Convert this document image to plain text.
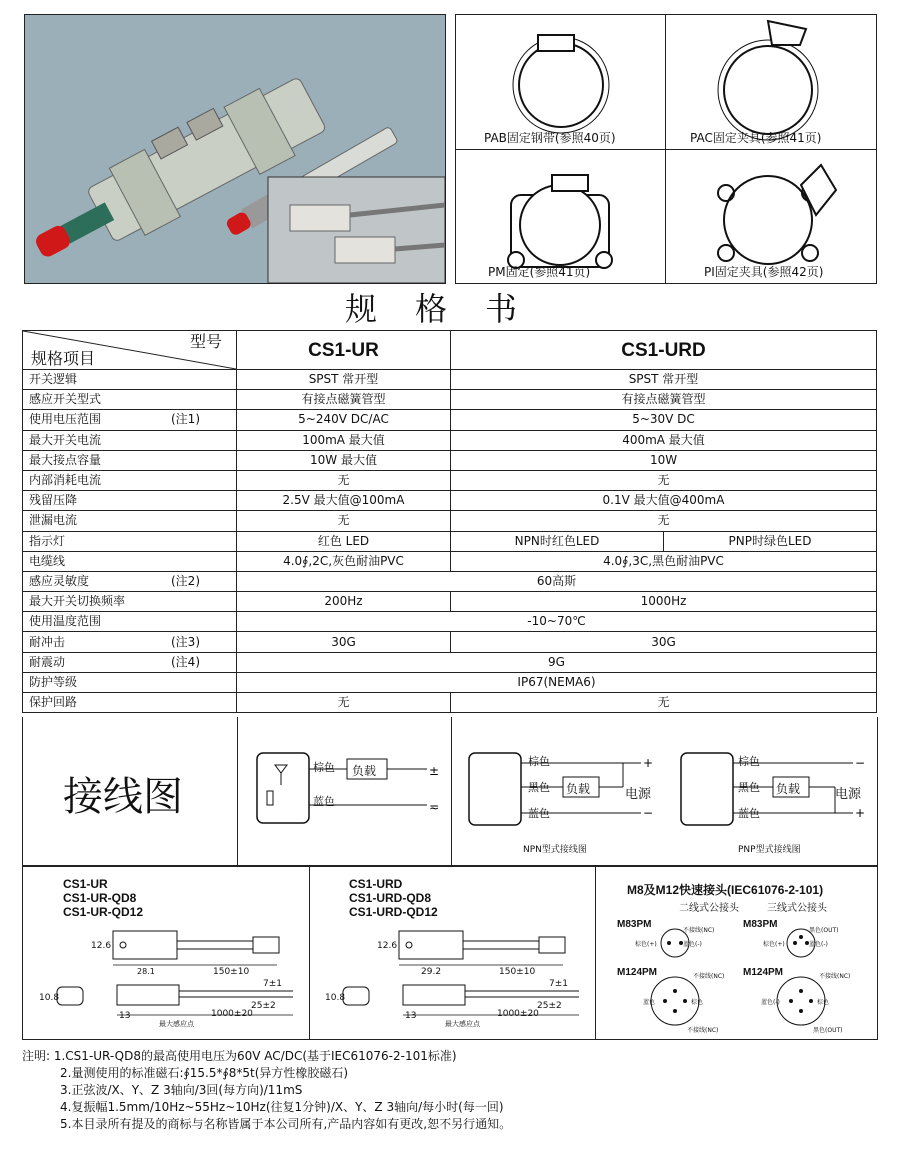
PAB固定钢带(参照40页)	PAC固定夹具(参照41页)
PM固定(参照41页)	PI固定夹具(参照42页)
规格书
型号
规格项目	CS1-UR	CS1-URD	
开关逻辑	SPST 常开型	SPST 常开型	
感应开关型式	有接点磁簧管型	有接点磁簧管型	
使用电压范围 (注1)	5~240V DC/AC	5~30V DC	
最大开关电流	100mA 最大值	400mA 最大值	
最大接点容量	10W 最大值	10W	
内部消耗电流	无	无	
残留压降	2.5V 最大值@100mA	0.1V 最大值@400mA	
泄漏电流	无	无	
指示灯	红色 LED	NPN时红色LED	PNP时绿色LED
电缆线	4.0∮,2C,灰色耐油PVC	4.0∮,3C,黑色耐油PVC	
感应灵敏度 (注2)	60高斯		
最大开关切换频率	200Hz	1000Hz	
使用温度范围	-10~70℃		
耐冲击 (注3)	30G	30G	
耐震动 (注4)	9G		
防护等级	IP67(NEMA6)		
保护回路	无	无	
接线图
±
≂
棕色
蓝色
负载
+
−
−
+
棕色
黑色
蓝色
负载	电源
NPN型式接线图
棕色
黑色
蓝色
负载	电源
PNP型式接线图
CS1-UR
CS1-UR-QD8
CS1-UR-QD12
12.6
28.1	150±10
10.8
13
7±1
25±2
1000±20
最大感应点
CS1-URD
CS1-URD-QD8
CS1-URD-QD12
12.6
29.2	150±10
10.8
13
7±1
25±2
1000±20
最大感应点
M8及M12快速接头(IEC61076-2-101)
二线式公接头	三线式公接头
M83PM	M83PM
M124PM	M124PM
棕色(+)	蓝色(-)
不接线(NC)	黑色(OUT)
棕色(+)	蓝色(-)
不接线(NC)
蓝色	棕色
不接线(NC)
不接线(NC)
蓝色(-)	棕色
黑色(OUT)
注明: 1.CS1-UR-QD8的最高使用电压为60V AC/DC(基于IEC61076-2-101标准)
2.量测使用的标准磁石:∮15.5*∮8*5t(异方性橡胶磁石)
3.正弦波/X、Y、Z 3轴向/3回(每方向)/11mS
4.复振幅1.5mm/10Hz~55Hz~10Hz(往复1分钟)/X、Y、Z 3轴向/每小时(每一回)
5.本目录所有提及的商标与名称皆属于本公司所有,产品内容如有更改,恕不另行通知。
